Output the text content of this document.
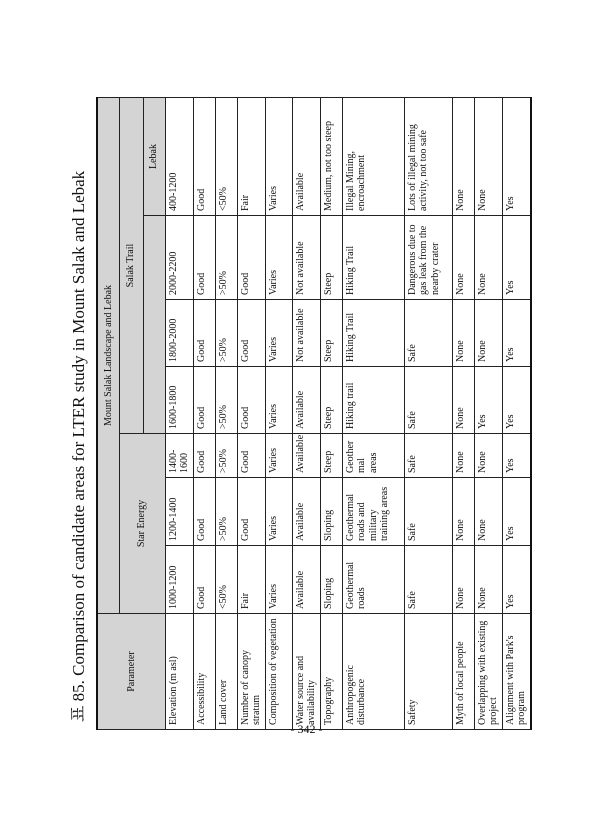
표 85. Comparison of candidate areas for LTER study in Mount Salak and Lebak	Parameter	Mount Salak Landscape and Lebak						
	Star Energy			Salak Trail			
							Lebak
Elevation (m asl)	1000-1200	1200-1400	1400-1600	1600-1800	1800-2000	2000-2200	400-1200
Accessibility	Good	Good	Good	Good	Good	Good	Good
Land cover	<50%	>50%	>50%	>50%	>50%	>50%	<50%
Number of canopy stratum	Fair	Good	Good	Good	Good	Good	Fair
Composition of vegetation	Varies	Varies	Varies	Varies	Varies	Varies	Varies
Water source and availability	Available	Available	Available	Available	Not available	Not available	Available
Topography	Sloping	Sloping	Steep	Steep	Steep	Steep	Medium, not too steep
Anthropogenic disturbance	Geothermal roads	Geothermal roads and military training areas	Geother mal areas	Hiking trail	Hiking Trail	Hiking Trail	Illegal Mining, encroachment
Safety	Safe	Safe	Safe	Safe	Safe	Dangerous due to gas leak from the nearby crater	Lots of illegal mining activity, not too safe
Myth of local people	None	None	None	None	None	None	None
Overlapping with existing project	None	None	None	Yes	None	None	None
Alignment with Park's program	Yes	Yes	Yes	Yes	Yes	Yes	Yes
- 342 -
